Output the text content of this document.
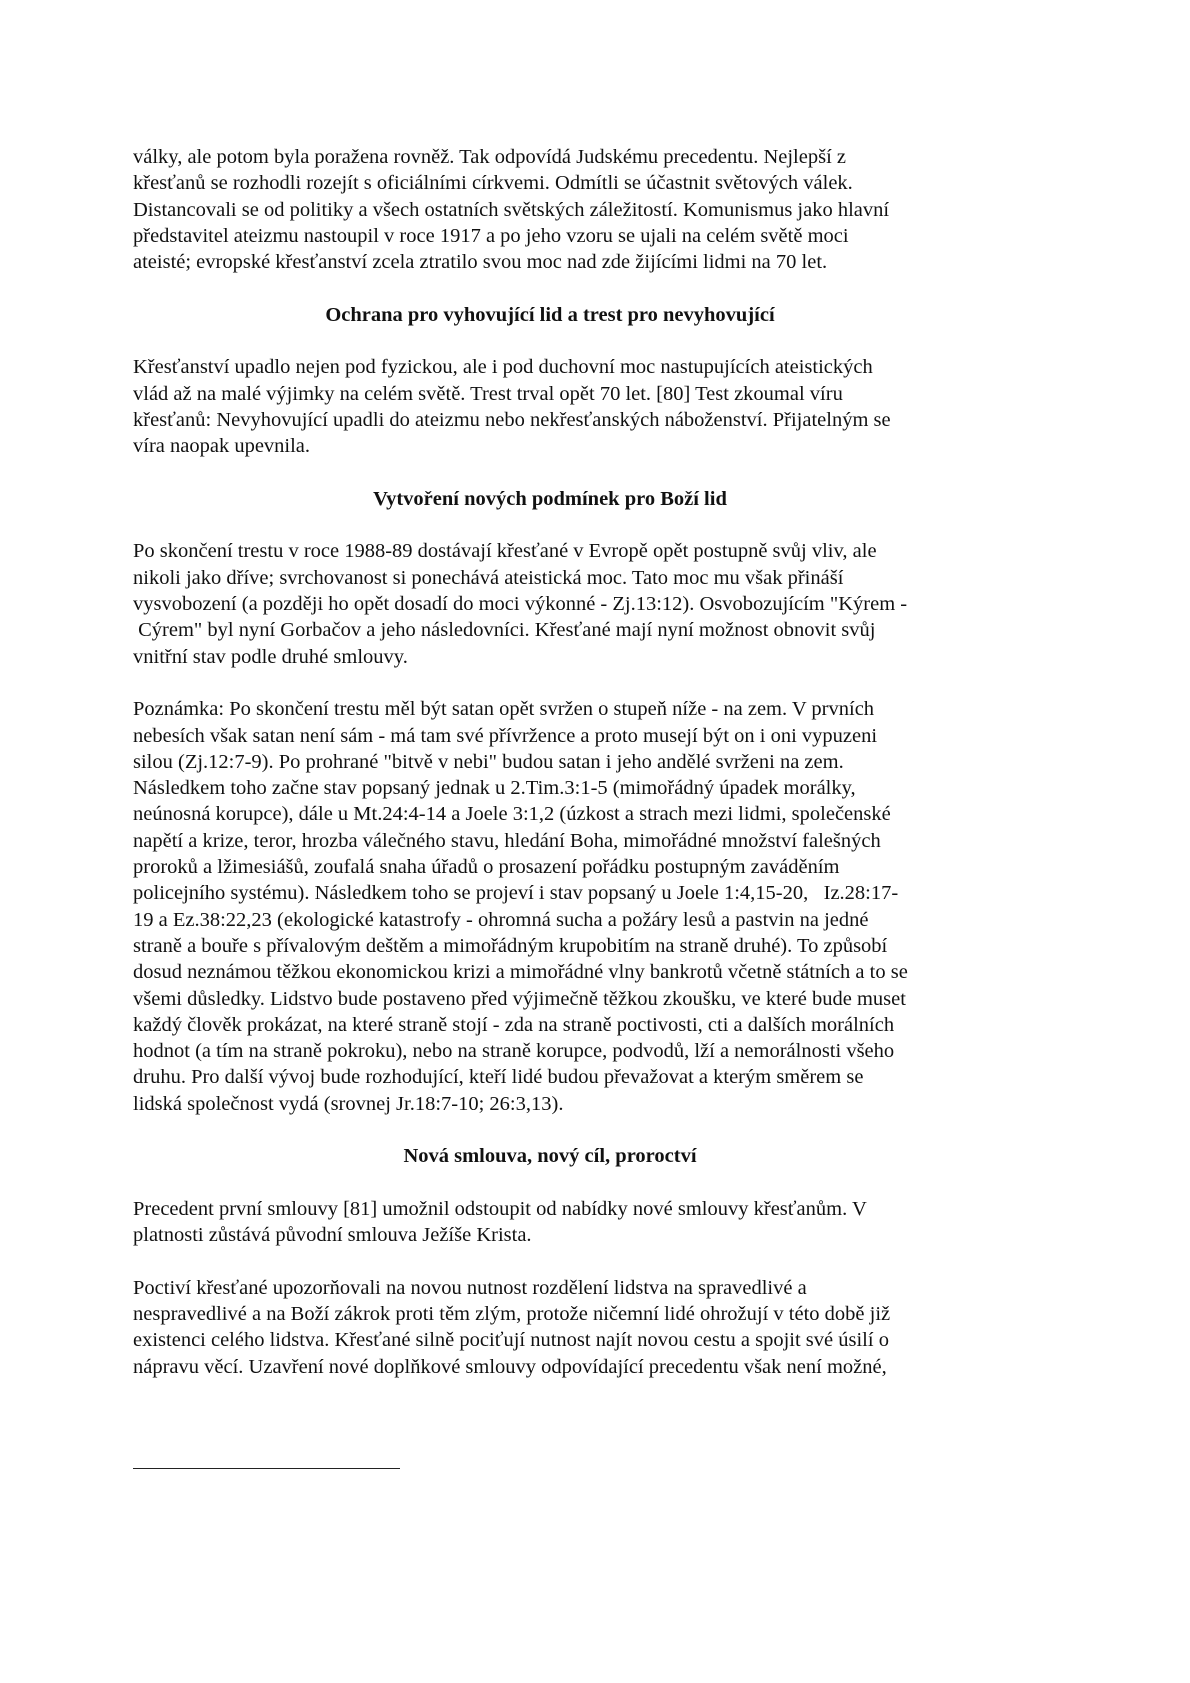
války, ale potom byla poražena rovněž. Tak odpovídá Judskému precedentu. Nejlepší z

křesťanů se rozhodli rozejít s oficiálními církvemi. Odmítli se účastnit světových válek.

Distancovali se od politiky a všech ostatních světských záležitostí. Komunismus jako hlavní

představitel ateizmu nastoupil v roce 1917 a po jeho vzoru se ujali na celém světě moci

ateisté; evropské křesťanství zcela ztratilo svou moc nad zde žijícími lidmi na 70 let.

Ochrana pro vyhovující lid a trest pro nevyhovující

Křesťanství upadlo nejen pod fyzickou, ale i pod duchovní moc nastupujících ateistických

vlád až na malé výjimky na celém světě. Trest trval opět 70 let. [80] Test zkoumal víru

křesťanů: Nevyhovující upadli do ateizmu nebo nekřesťanských náboženství. Přijatelným se

víra naopak upevnila.

Vytvoření nových podmínek pro Boží lid

Po skončení trestu v roce 1988-89 dostávají křesťané v Evropě opět postupně svůj vliv, ale

nikoli jako dříve; svrchovanost si ponechává ateistická moc. Tato moc mu však přináší

vysvobození (a později ho opět dosadí do moci výkonné - Zj.13:12). Osvobozujícím "Kýrem -

Cýrem" byl nyní Gorbačov a jeho následovníci. Křesťané mají nyní možnost obnovit svůj

vnitřní stav podle druhé smlouvy.

Poznámka: Po skončení trestu měl být satan opět svržen o stupeň níže - na zem. V prvních

nebesích však satan není sám - má tam své přívržence a proto musejí být on i oni vypuzeni

silou (Zj.12:7-9). Po prohrané "bitvě v nebi" budou satan i jeho andělé svrženi na zem.

Následkem toho začne stav popsaný jednak u 2.Tim.3:1-5 (mimořádný úpadek morálky,

neúnosná korupce), dále u Mt.24:4-14 a Joele 3:1,2 (úzkost a strach mezi lidmi, společenské

napětí a krize, teror, hrozba válečného stavu, hledání Boha, mimořádné množství falešných

proroků a lžimesiášů, zoufalá snaha úřadů o prosazení pořádku postupným zaváděním

policejního systému). Následkem toho se projeví i stav popsaný u Joele 1:4,15-20,   Iz.28:17-

19 a Ez.38:22,23 (ekologické katastrofy - ohromná sucha a požáry lesů a pastvin na jedné

straně a bouře s přívalovým deštěm a mimořádným krupobitím na straně druhé). To způsobí

dosud neznámou těžkou ekonomickou krizi a mimořádné vlny bankrotů včetně státních a to se

všemi důsledky. Lidstvo bude postaveno před výjimečně těžkou zkoušku, ve které bude muset

každý člověk prokázat, na které straně stojí - zda na straně poctivosti, cti a dalších morálních

hodnot (a tím na straně pokroku), nebo na straně korupce, podvodů, lží a nemorálnosti všeho

druhu. Pro další vývoj bude rozhodující, kteří lidé budou převažovat a kterým směrem se

lidská společnost vydá (srovnej Jr.18:7-10; 26:3,13).

Nová smlouva, nový cíl, proroctví

Precedent první smlouvy [81] umožnil odstoupit od nabídky nové smlouvy křesťanům. V

platnosti zůstává původní smlouva Ježíše Krista.

Poctiví křesťané upozorňovali na novou nutnost rozdělení lidstva na spravedlivé a

nespravedlivé a na Boží zákrok proti těm zlým, protože ničemní lidé ohrožují v této době již

existenci celého lidstva. Křesťané silně pociťují nutnost najít novou cestu a spojit své úsilí o

nápravu věcí. Uzavření nové doplňkové smlouvy odpovídající precedentu však není možné,
